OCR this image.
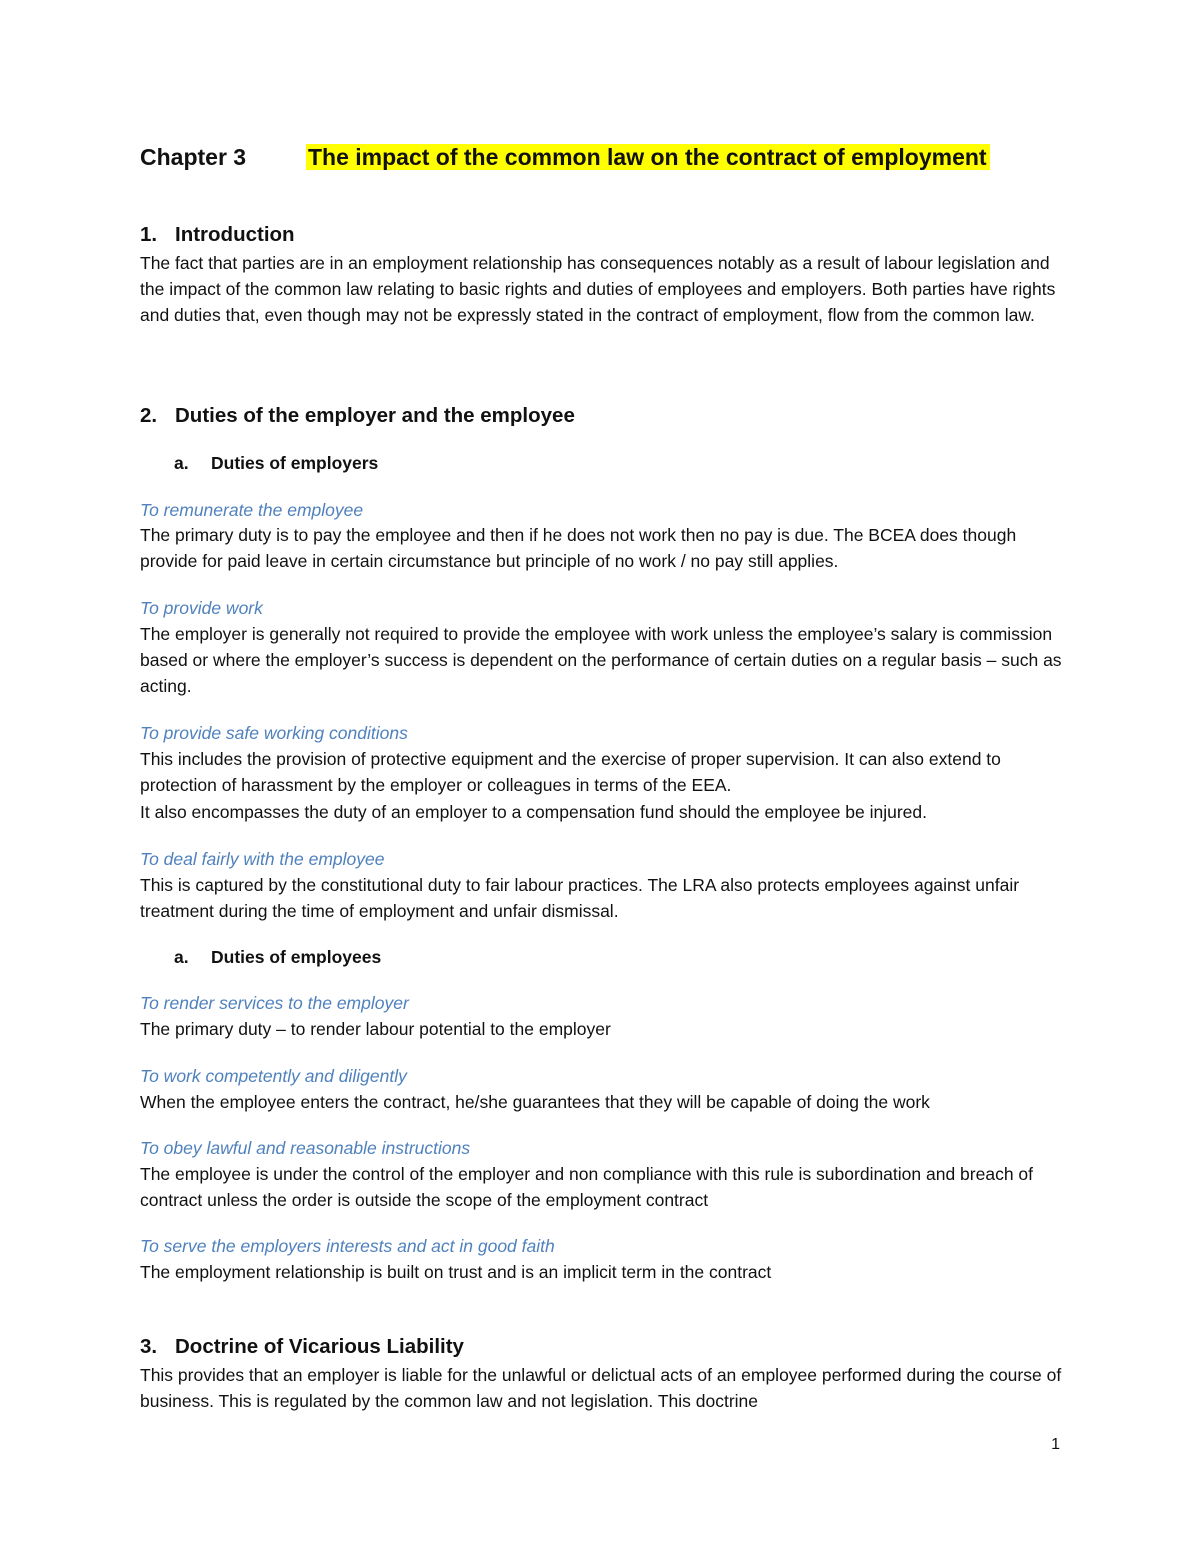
Chapter 3	The impact of the common law on the contract of employment
1. Introduction

The fact that parties are in an employment relationship has consequences notably as a result of labour legislation and the impact of the common law relating to basic rights and duties of employees and employers. Both parties have rights and duties that, even though may not be expressly stated in the contract of employment, flow from the common law.

2. Duties of the employer and the employee
a. Duties of employers

To remunerate the employee

The primary duty is to pay the employee and then if he does not work then no pay is due. The BCEA does though provide for paid leave in certain circumstance but principle of no work / no pay still applies.

To provide work

The employer is generally not required to provide the employee with work unless the employee’s salary is commission based or where the employer’s success is dependent on the performance of certain duties on a regular basis – such as acting.

To provide safe working conditions

This includes the provision of protective equipment and the exercise of proper supervision. It can also extend to protection of harassment by the employer or colleagues in terms of the EEA.

It also encompasses the duty of an employer to a compensation fund should the employee be injured.

To deal fairly with the employee

This is captured by the constitutional duty to fair labour practices. The LRA also protects employees against unfair treatment during the time of employment and unfair dismissal.

a. Duties of employees

To render services to the employer

The primary duty – to render labour potential to the employer

To work competently and diligently

When the employee enters the contract, he/she guarantees that they will be capable of doing the work

To obey lawful and reasonable instructions

The employee is under the control of the employer and non compliance with this rule is subordination and breach of contract unless the order is outside the scope of the employment contract

To serve the employers interests and act in good faith

The employment relationship is built on trust and is an implicit term in the contract

3. Doctrine of Vicarious Liability

This provides that an employer is liable for the unlawful or delictual acts of an employee performed during the course of business. This is regulated by the common law and not legislation. This doctrine

1
